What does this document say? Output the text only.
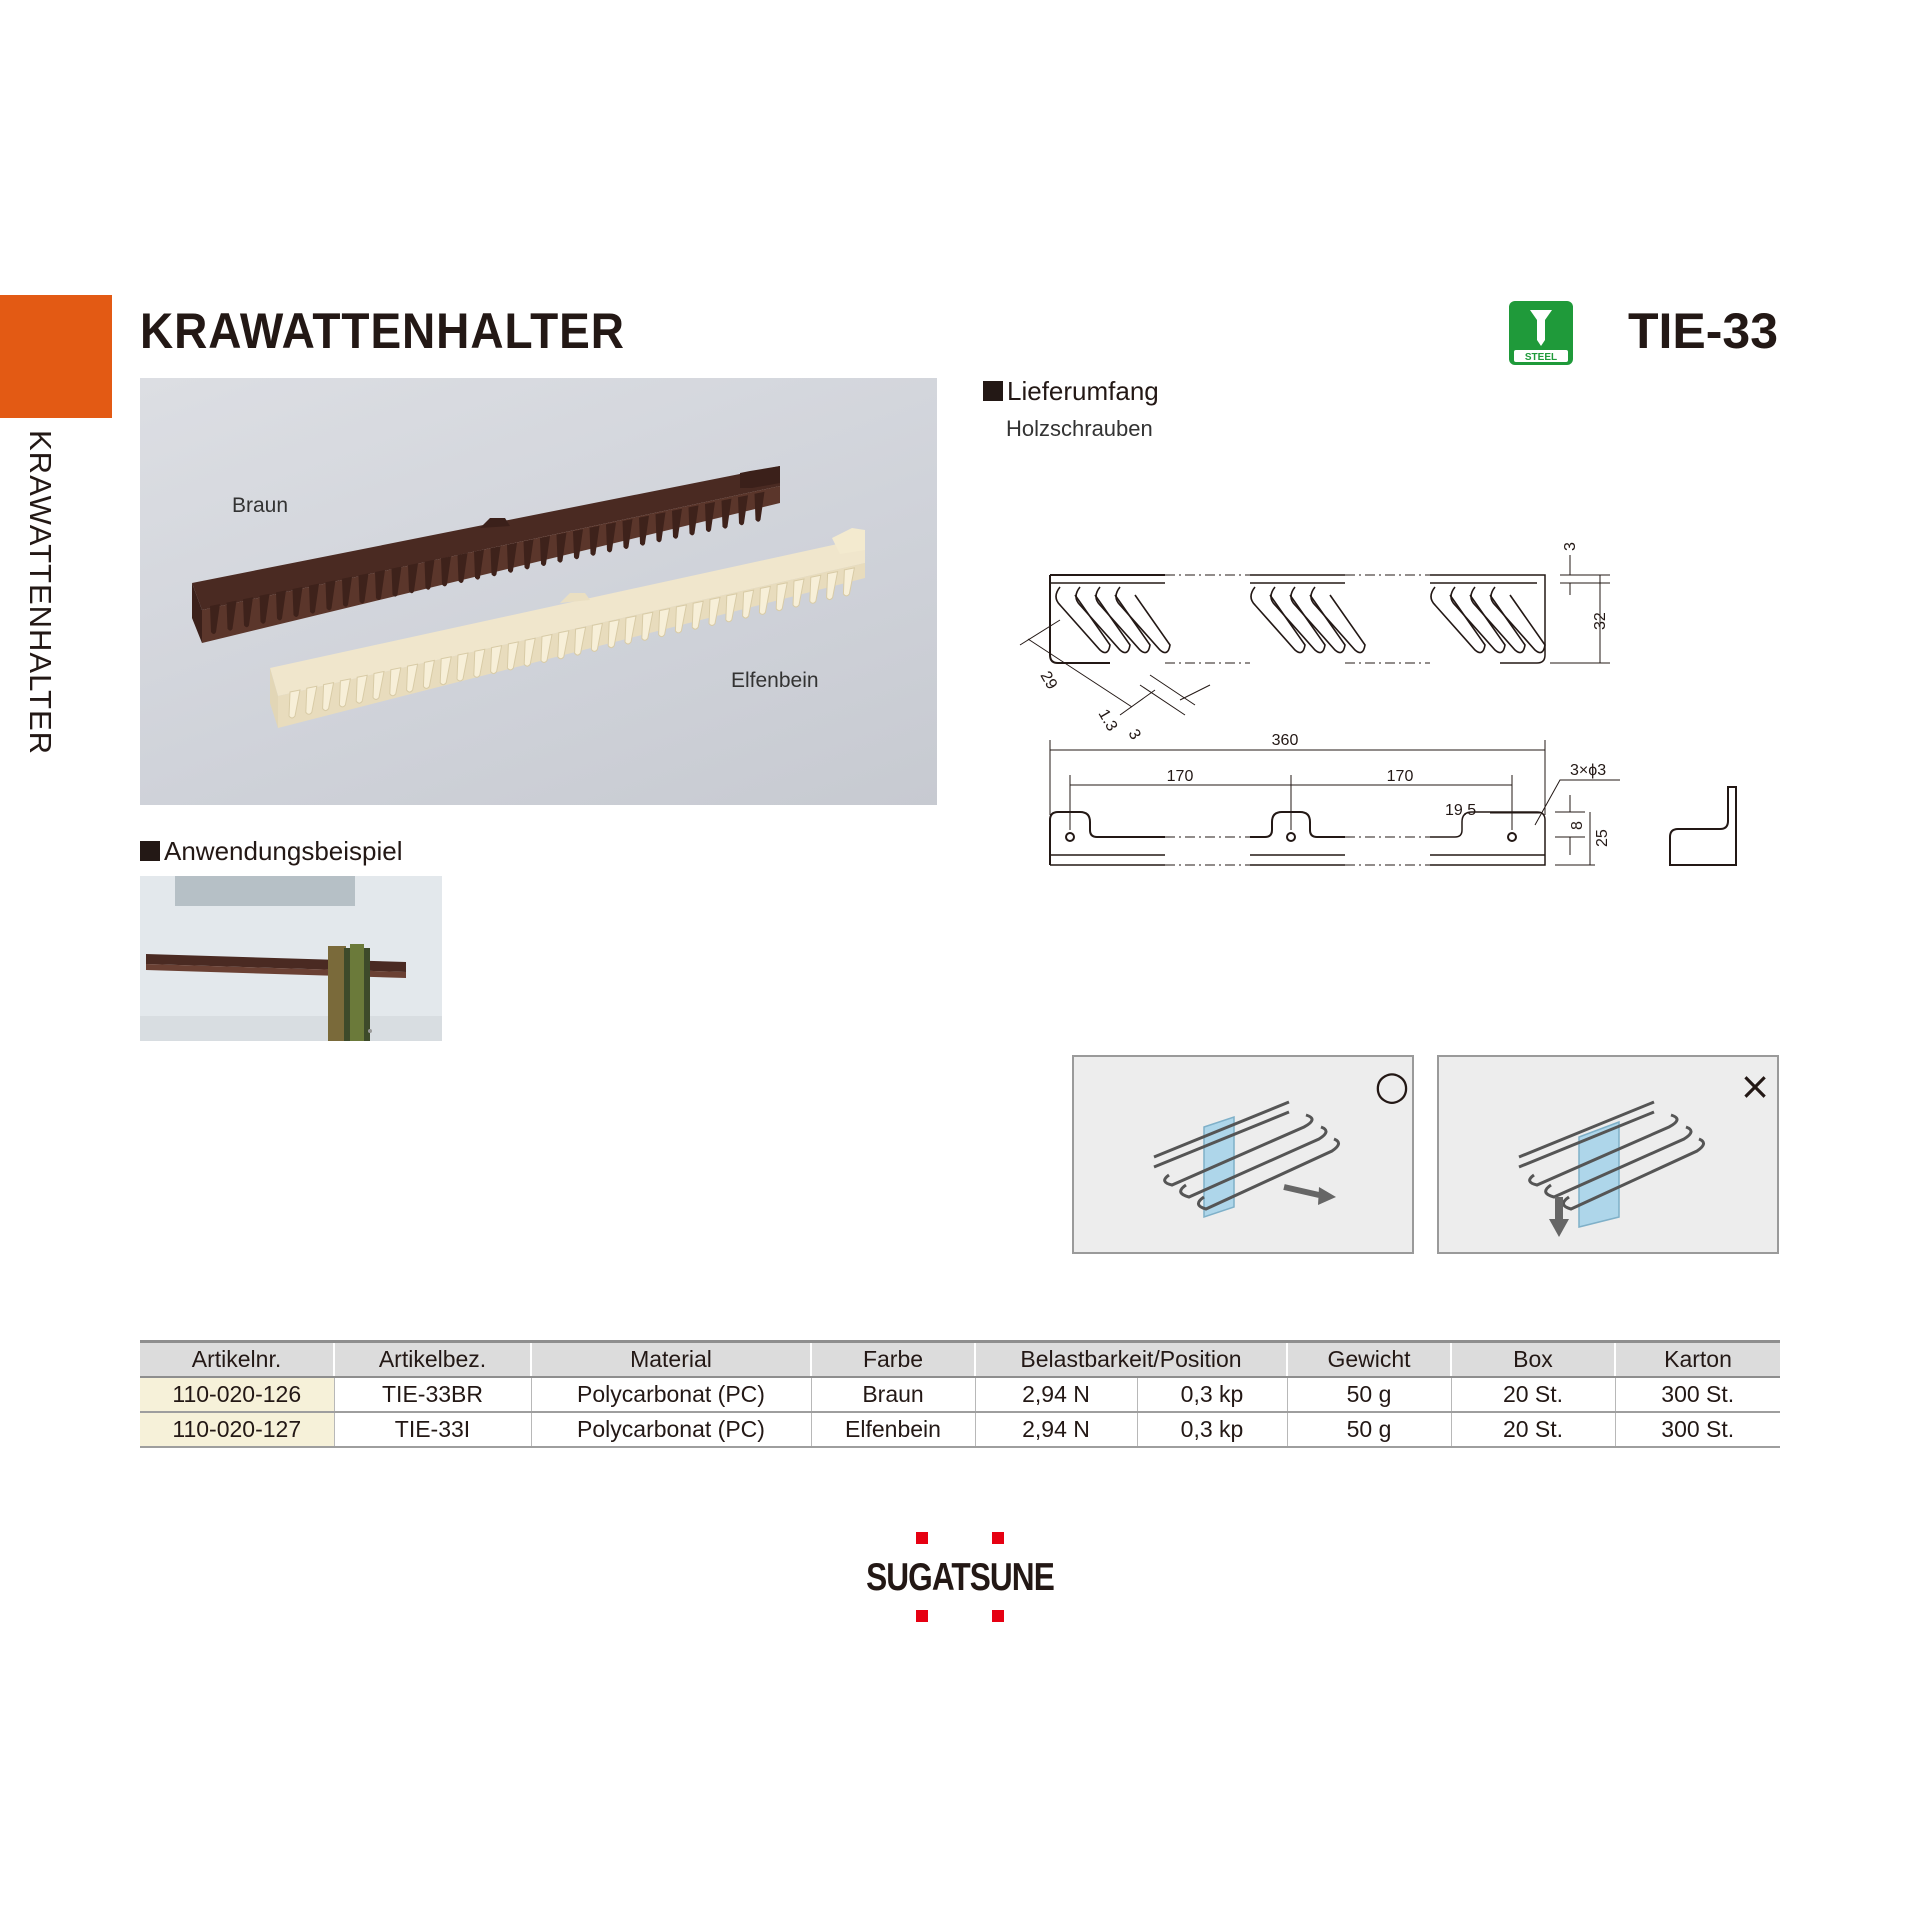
KRAWATTENHALTER
KRAWATTENHALTER	STEEL TIE-33
Braun
Elfenbein
Anwendungsbeispiel
Lieferumfang
Holzschrauben
3
32
29
1.3
3	360
170	170	3×ϕ3
19.5
8
25
○	×
Artikelnr.	Artikelbez.	Material	Farbe	Belastbarkeit/Position		Gewicht	Box	Karton
110-020-126	TIE-33BR	Polycarbonat (PC)	Braun	2,94 N	0,3 kp	50 g	20 St.	300 St.
110-020-127	TIE-33I	Polycarbonat (PC)	Elfenbein	2,94 N	0,3 kp	50 g	20 St.	300 St.
SUGATSUNE
